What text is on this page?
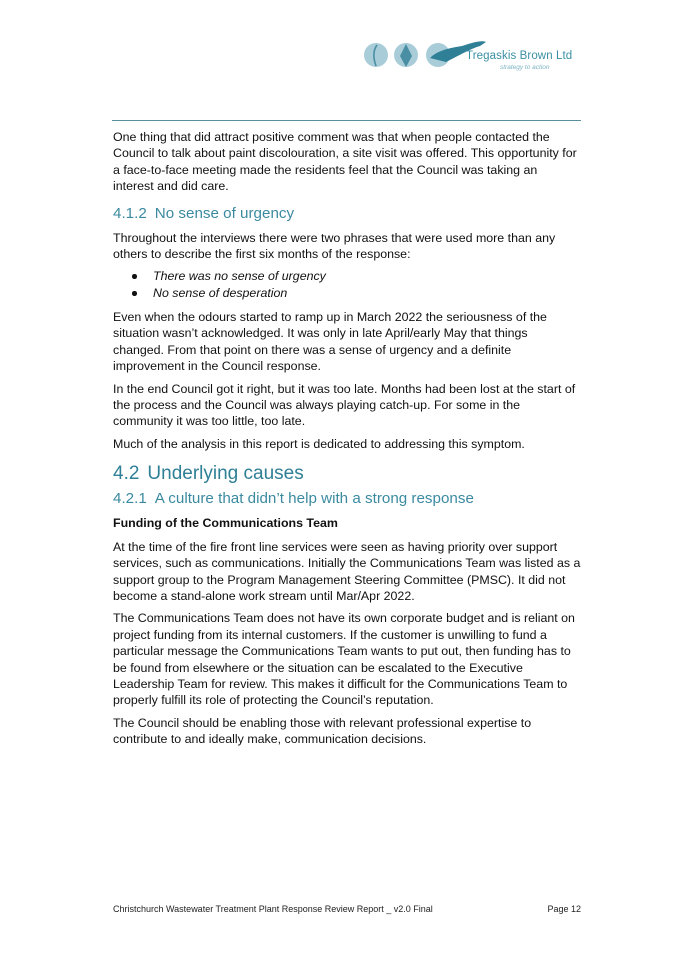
Tregaskis Brown Ltd
strategy to action

One thing that did attract positive comment was that when people contacted the Council to talk about paint discolouration, a site visit was offered. This opportunity for a face-to-face meeting made the residents feel that the Council was taking an interest and did care.

4.1.2 No sense of urgency

Throughout the interviews there were two phrases that were used more than any others to describe the first six months of the response:

There was no sense of urgency
No sense of desperation

Even when the odours started to ramp up in March 2022 the seriousness of the situation wasn’t acknowledged. It was only in late April/early May that things changed. From that point on there was a sense of urgency and a definite improvement in the Council response.

In the end Council got it right, but it was too late. Months had been lost at the start of the process and the Council was always playing catch-up. For some in the community it was too little, too late.

Much of the analysis in this report is dedicated to addressing this symptom.

4.2 Underlying causes
4.2.1 A culture that didn’t help with a strong response

Funding of the Communications Team

At the time of the fire front line services were seen as having priority over support services, such as communications. Initially the Communications Team was listed as a support group to the Program Management Steering Committee (PMSC). It did not become a stand-alone work stream until Mar/Apr 2022.

The Communications Team does not have its own corporate budget and is reliant on project funding from its internal customers. If the customer is unwilling to fund a particular message the Communications Team wants to put out, then funding has to be found from elsewhere or the situation can be escalated to the Executive Leadership Team for review. This makes it difficult for the Communications Team to properly fulfill its role of protecting the Council’s reputation.

The Council should be enabling those with relevant professional expertise to contribute to and ideally make, communication decisions.

Christchurch Wastewater Treatment Plant Response Review Report _ v2.0 Final	Page 12
